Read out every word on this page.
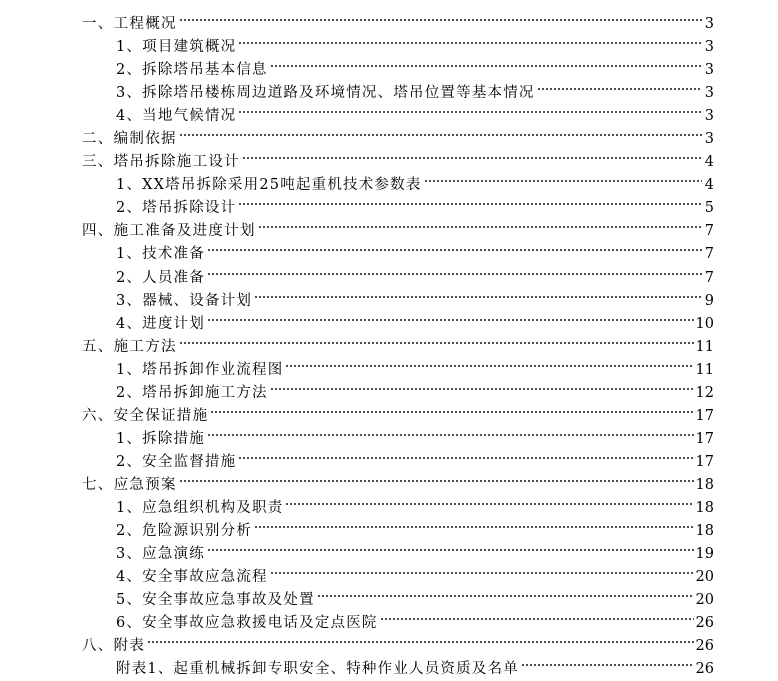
一、工程概况	3
1、项目建筑概况	3
2、拆除塔吊基本信息	3
3、拆除塔吊楼栋周边道路及环境情况、塔吊位置等基本情况	3
4、当地气候情况	3
二、编制依据	3
三、塔吊拆除施工设计	4
1、XX塔吊拆除采用25吨起重机技术参数表	4
2、塔吊拆除设计	5
四、施工准备及进度计划	7
1、技术准备	7
2、人员准备	7
3、器械、设备计划	9
4、进度计划	10
五、施工方法	11
1、塔吊拆卸作业流程图	11
2、塔吊拆卸施工方法	12
六、安全保证措施	17
1、拆除措施	17
2、安全监督措施	17
七、应急预案	18
1、应急组织机构及职责	18
2、危险源识别分析	18
3、应急演练	19
4、安全事故应急流程	20
5、安全事故应急事故及处置	20
6、安全事故应急救援电话及定点医院	26
八、附表	26
附表1、起重机械拆卸专职安全、特种作业人员资质及名单	26
